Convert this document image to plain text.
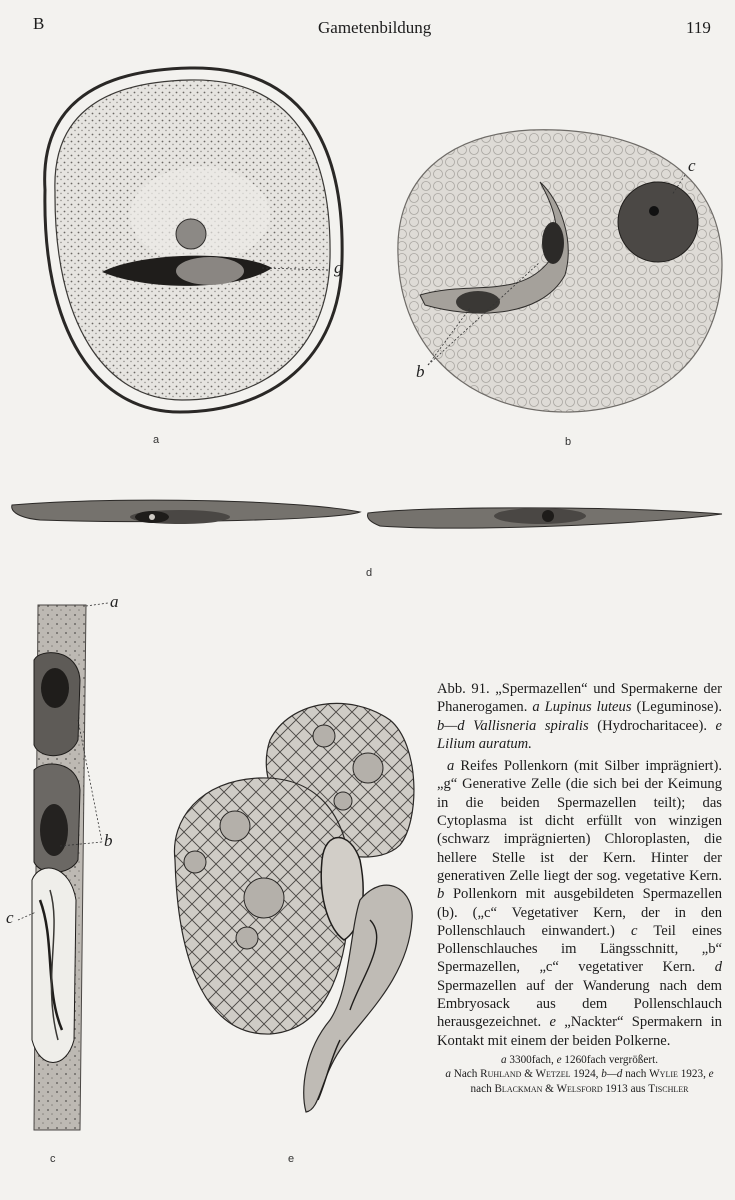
B	Gametenbildung	119
a	b
d
c	e
g
c
b
a
b
c

Abb. 91. „Spermazellen“ und Spermakerne der Phanerogamen. a Lupinus luteus (Leguminose). b—d Vallisneria spiralis (Hydrocharitacee). e Lilium auratum.

a Reifes Pollenkorn (mit Silber imprägniert). „g“ Generative Zelle (die sich bei der Keimung in die beiden Spermazellen teilt); das Cytoplasma ist dicht erfüllt von winzigen (schwarz imprägnierten) Chloroplasten, die hellere Stelle ist der Kern. Hinter der generativen Zelle liegt der sog. vegetative Kern. b Pollenkorn mit ausgebildeten Spermazellen (b). („c“ Vegetativer Kern, der in den Pollenschlauch einwandert.) c Teil eines Pollenschlauches im Längsschnitt, „b“ Spermazellen, „c“ vegetativer Kern. d Spermazellen auf der Wanderung nach dem Embryosack aus dem Pollenschlauch herausgezeichnet. e „Nackter“ Spermakern in Kontakt mit einem der beiden Polkerne.

a 3300fach, e 1260fach vergrößert.

a Nach Ruhland & Wetzel 1924, b—d nach Wylie 1923, e nach Blackman & Welsford 1913 aus Tischler
